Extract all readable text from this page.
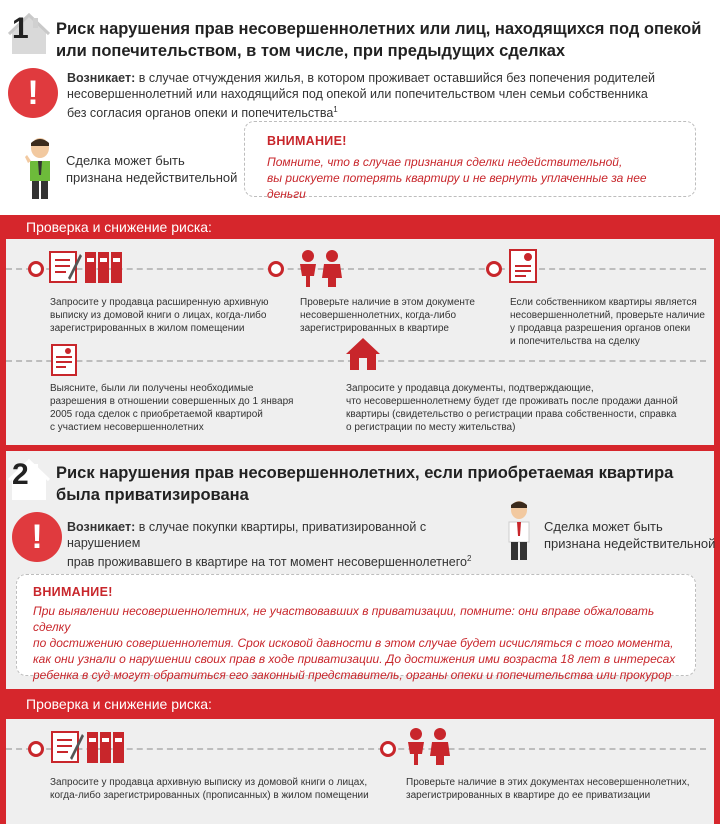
1 Риск нарушения прав несовершеннолетних или лиц, находящихся под опекой
или попечительством, в том числе, при предыдущих сделках
!	Возникает: в случае отчуждения жилья, в котором проживает оставшийся без попечения родителей
несовершеннолетний или находящийся под опекой или попечительством член семьи собственника
без согласия органов опеки и попечительства$^1$
Сделка может быть
признана недействительной
ВНИМАНИЕ!
Помните, что в случае признания сделки недействительной,
вы рискуете потерять квартиру и не вернуть уплаченные за нее деньги
Проверка и снижение риска:
Запросите у продавца расширенную архивную
выписку из домовой книги о лицах, когда-либо
зарегистрированных в жилом помещении
Проверьте наличие в этом документе
несовершеннолетних, когда-либо
зарегистрированных в квартире
Если собственником квартиры является
несовершеннолетний, проверьте наличие
у продавца разрешения органов опеки
и попечительства на сделку
Выясните, были ли получены необходимые
разрешения в отношении совершенных до 1 января
2005 года сделок с приобретаемой квартирой
с участием несовершеннолетних
Запросите у продавца документы, подтверждающие,
что несовершеннолетнему будет где проживать после продажи данной
квартиры (свидетельство о регистрации права собственности, справка
о регистрации по месту жительства)
2 Риск нарушения прав несовершеннолетних, если приобретаемая квартира
была приватизирована
!	Возникает: в случае покупки квартиры, приватизированной с нарушением
прав проживавшего в квартире на тот момент несовершеннолетнего$^2$
Сделка может быть
признана недействительной
ВНИМАНИЕ!
При выявлении несовершеннолетних, не участвовавших в приватизации, помните: они вправе обжаловать сделку
по достижению совершеннолетия. Срок исковой давности в этом случае будет исчисляться с того момента,
как они узнали о нарушении своих прав в ходе приватизации. До достижения ими возраста 18 лет в интересах
ребенка в суд могут обратиться его законный представитель, органы опеки и попечительства или прокурор
Проверка и снижение риска:
Запросите у продавца архивную выписку из домовой книги о лицах,
когда-либо зарегистрированных (прописанных) в жилом помещении
Проверьте наличие в этих документах несовершеннолетних,
зарегистрированных в квартире до ее приватизации
